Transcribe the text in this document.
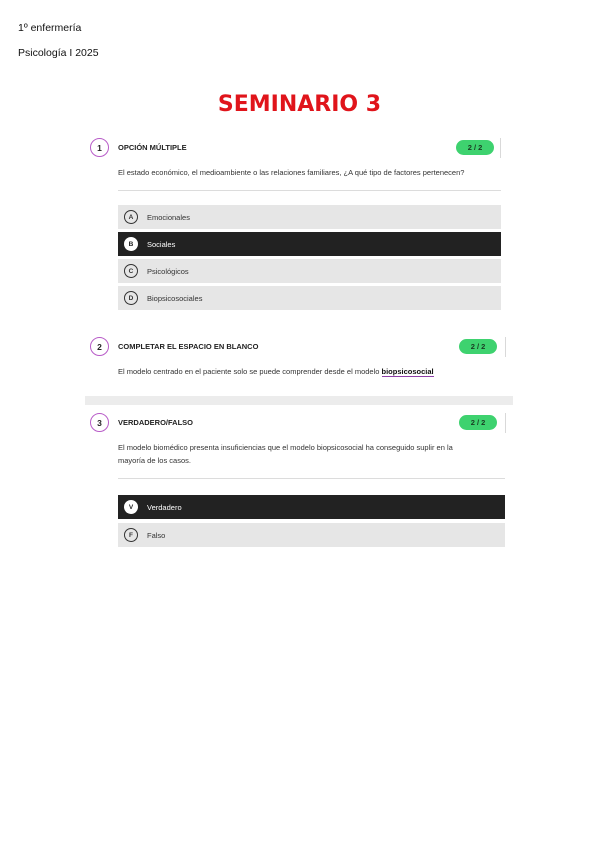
1º enfermería
Psicología I 2025
SEMINARIO 3
1	OPCIÓN MÚLTIPLE	2 / 2
El estado económico, el medioambiente o las relaciones familiares, ¿A qué tipo de factores pertenecen?
A	Emocionales
B	Sociales
C	Psicológicos
D	Biopsicosociales
2	COMPLETAR EL ESPACIO EN BLANCO	2 / 2
El modelo centrado en el paciente solo se puede comprender desde el modelo biopsicosocial
3	VERDADERO/FALSO	2 / 2
El modelo biomédico presenta insuficiencias que el modelo biopsicosocial ha conseguido suplir en la
mayoría de los casos.
V	Verdadero
F	Falso
